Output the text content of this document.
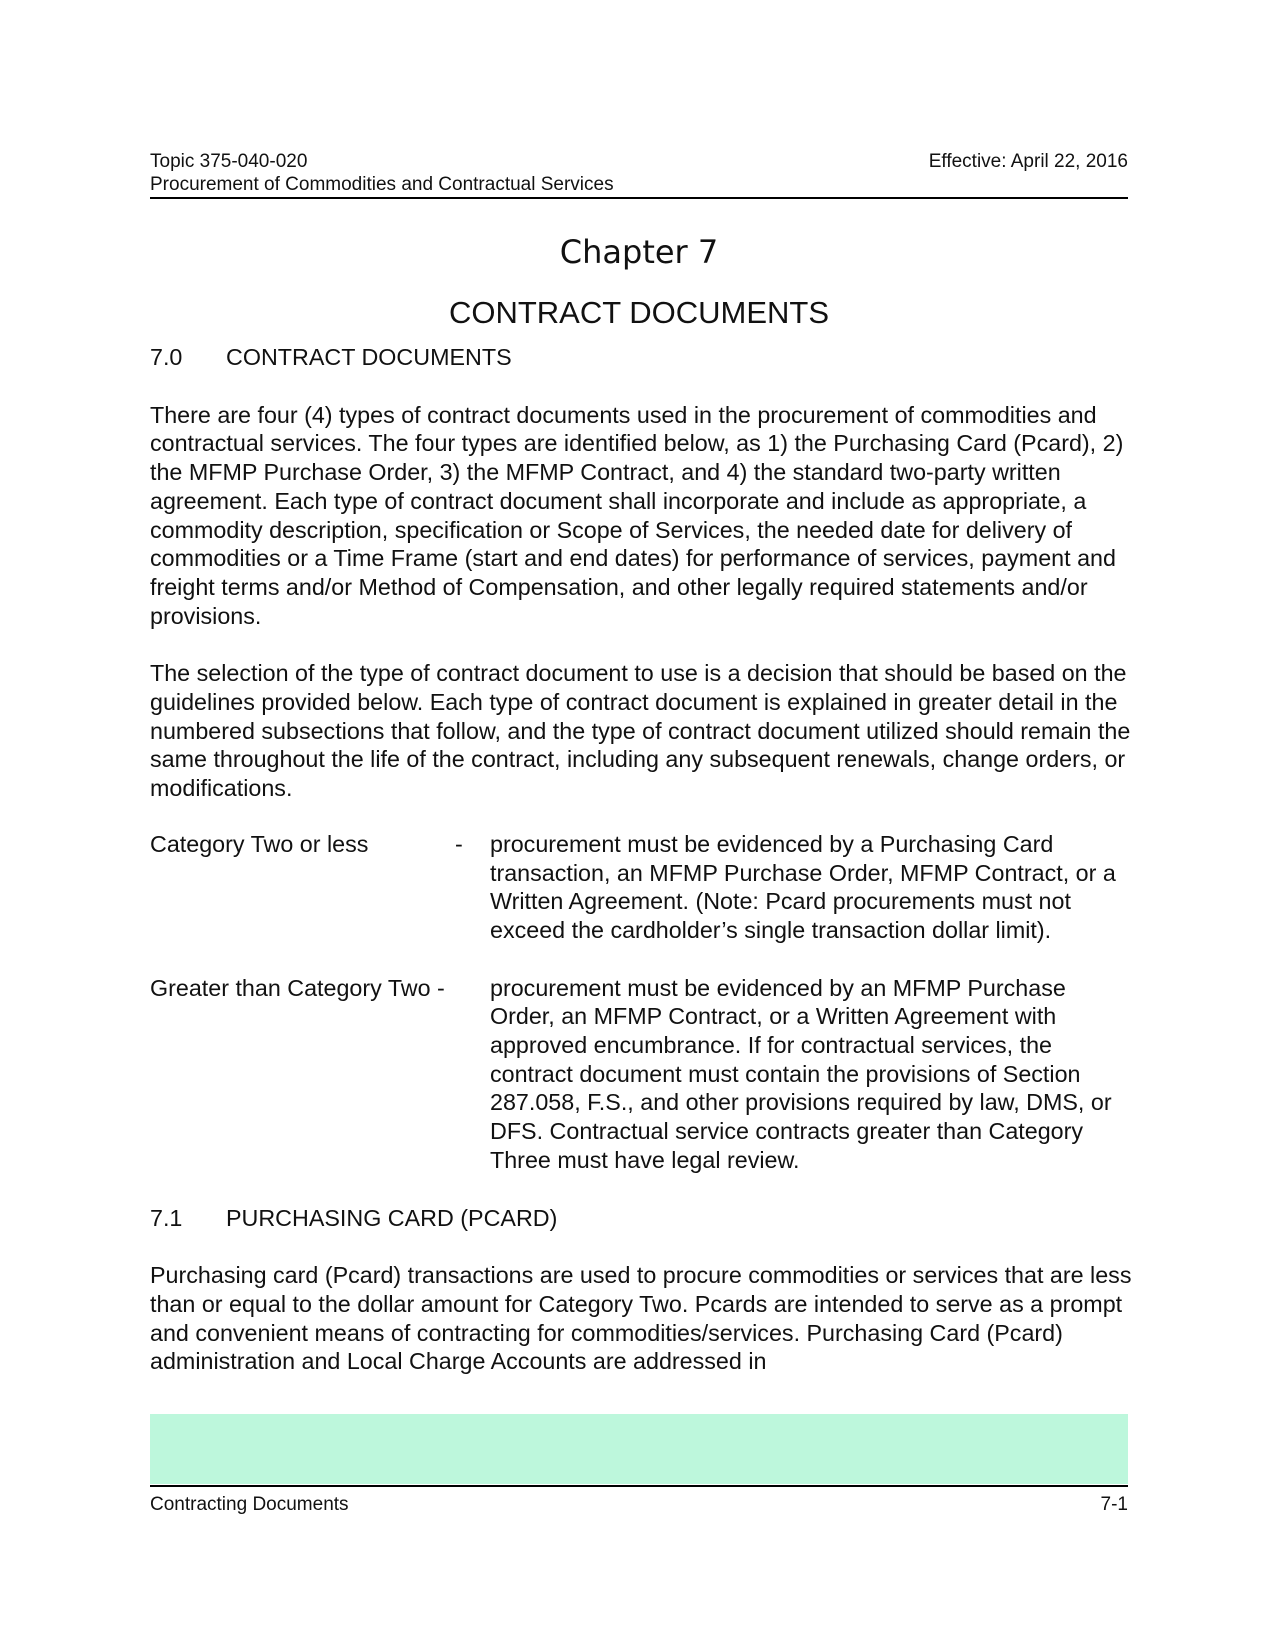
Topic 375-040-020	Effective: April 22, 2016
Procurement of Commodities and Contractual Services
Chapter 7
CONTRACT DOCUMENTS
7.0	CONTRACT DOCUMENTS

There are four (4) types of contract documents used in the procurement of commodities and contractual services. The four types are identified below, as 1) the Purchasing Card (Pcard), 2) the MFMP Purchase Order, 3) the MFMP Contract, and 4) the standard two-party written agreement. Each type of contract document shall incorporate and include as appropriate, a commodity description, specification or Scope of Services, the needed date for delivery of commodities or a Time Frame (start and end dates) for performance of services, payment and freight terms and/or Method of Compensation, and other legally required statements and/or provisions.

The selection of the type of contract document to use is a decision that should be based on the guidelines provided below. Each type of contract document is explained in greater detail in the numbered subsections that follow, and the type of contract document utilized should remain the same throughout the life of the contract, including any subsequent renewals, change orders, or modifications.

Category Two or less	-	procurement must be evidenced by a Purchasing Card transaction, an MFMP Purchase Order, MFMP Contract, or a Written Agreement. (Note: Pcard procurements must not exceed the cardholder’s single transaction dollar limit).
Greater than Category Two -	procurement must be evidenced by an MFMP Purchase Order, an MFMP Contract, or a Written Agreement with approved encumbrance. If for contractual services, the contract document must contain the provisions of Section 287.058, F.S., and other provisions required by law, DMS, or DFS. Contractual service contracts greater than Category Three must have legal review.
7.1	PURCHASING CARD (PCARD)

Purchasing card (Pcard) transactions are used to procure commodities or services that are less than or equal to the dollar amount for Category Two. Pcards are intended to serve as a prompt and convenient means of contracting for commodities/services. Purchasing Card (Pcard) administration and Local Charge Accounts are addressed in

Contracting Documents	7-1
